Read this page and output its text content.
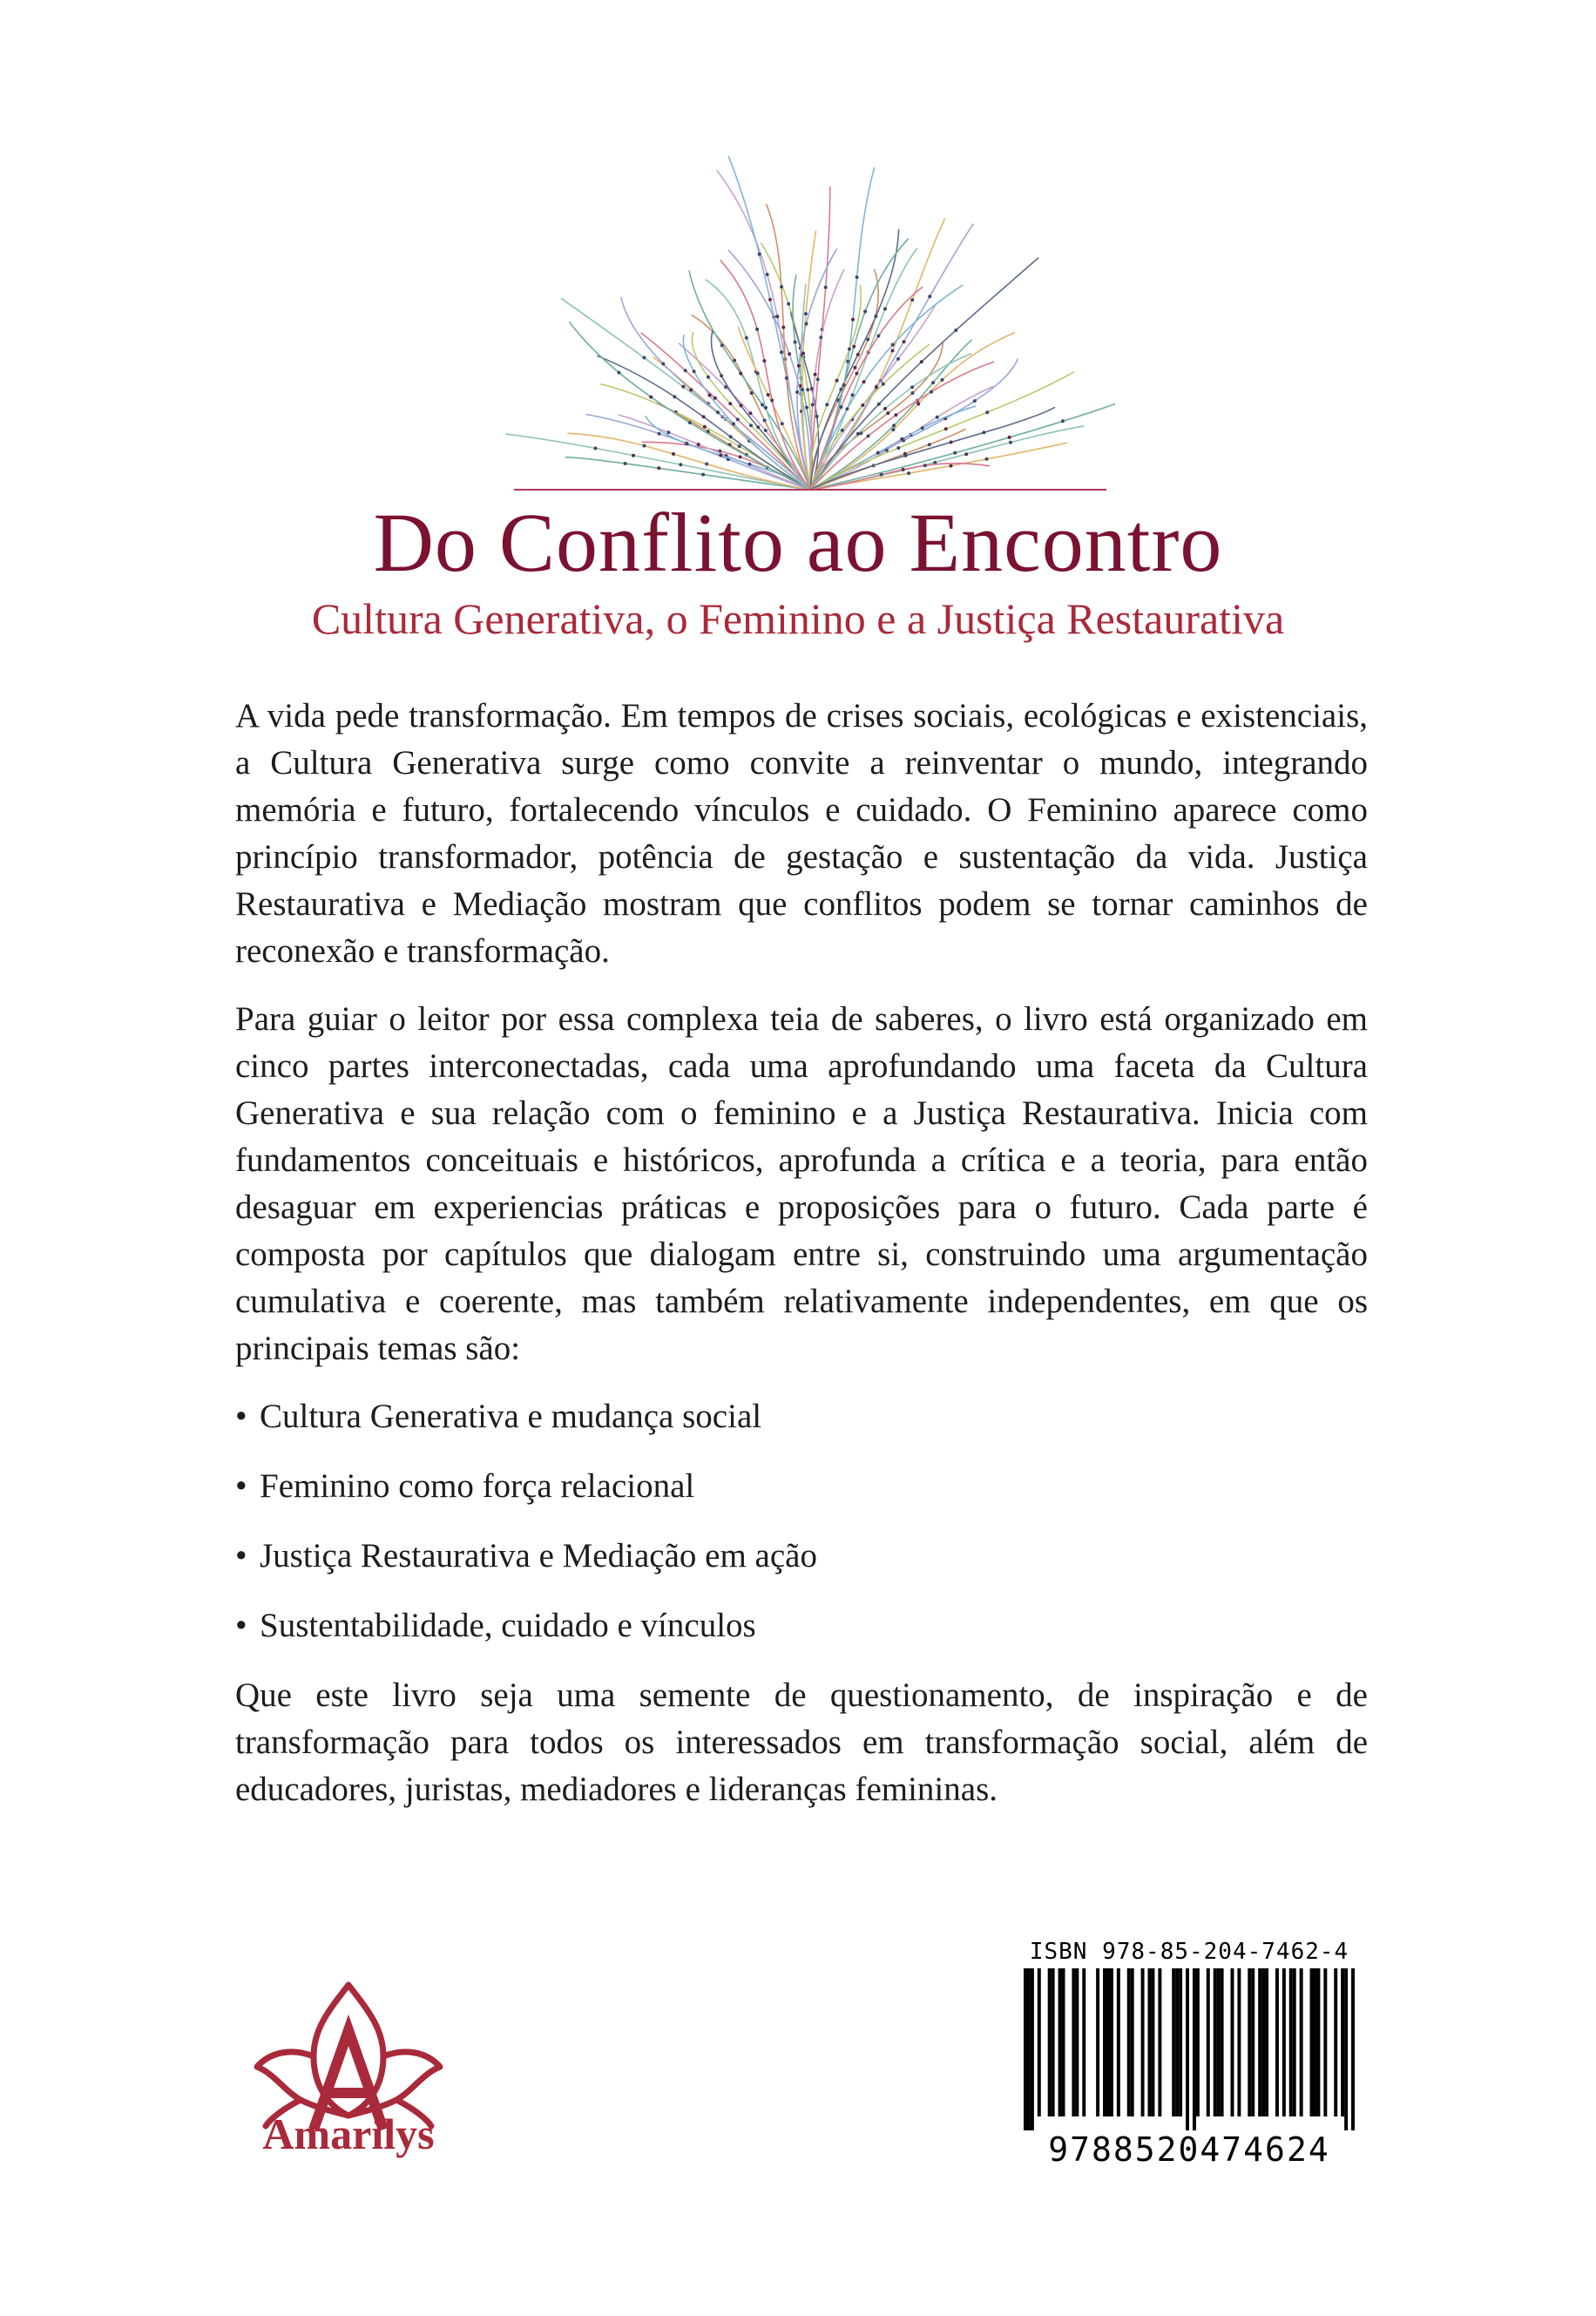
Do Conflito ao Encontro
Cultura Generativa, o Feminino e a Justiça Restaurativa

A vida pede transformação. Em tempos de crises sociais, ecológicas e existenciais, a Cultura Generativa surge como convite a reinventar o mundo, integrando memória e futuro, fortalecendo vínculos e cuidado. O Feminino aparece como princípio transformador, potência de gestação e sustentação da vida. Justiça Restaurativa e Mediação mostram que conflitos podem se tornar caminhos de reconexão e transformação.

Para guiar o leitor por essa complexa teia de saberes, o livro está organizado em cinco partes interconectadas, cada uma aprofundando uma faceta da Cultura Generativa e sua relação com o feminino e a Justiça Restaurativa. Inicia com fundamentos conceituais e históricos, aprofunda a crítica e a teoria, para então desaguar em experiencias práticas e proposições para o futuro. Cada parte é composta por capítulos que dialogam entre si, construindo uma argumentação cumulativa e coerente, mas também relativamente independentes, em que os principais temas são:

• Cultura Generativa e mudança social
• Feminino como força relacional
• Justiça Restaurativa e Mediação em ação
• Sustentabilidade, cuidado e vínculos

Que este livro seja uma semente de questionamento, de inspiração e de transformação para todos os interessados em transformação social, além de educadores, juristas, mediadores e lideranças femininas.

Amarilys
ISBN 978-85-204-7462-4
9788520474624
